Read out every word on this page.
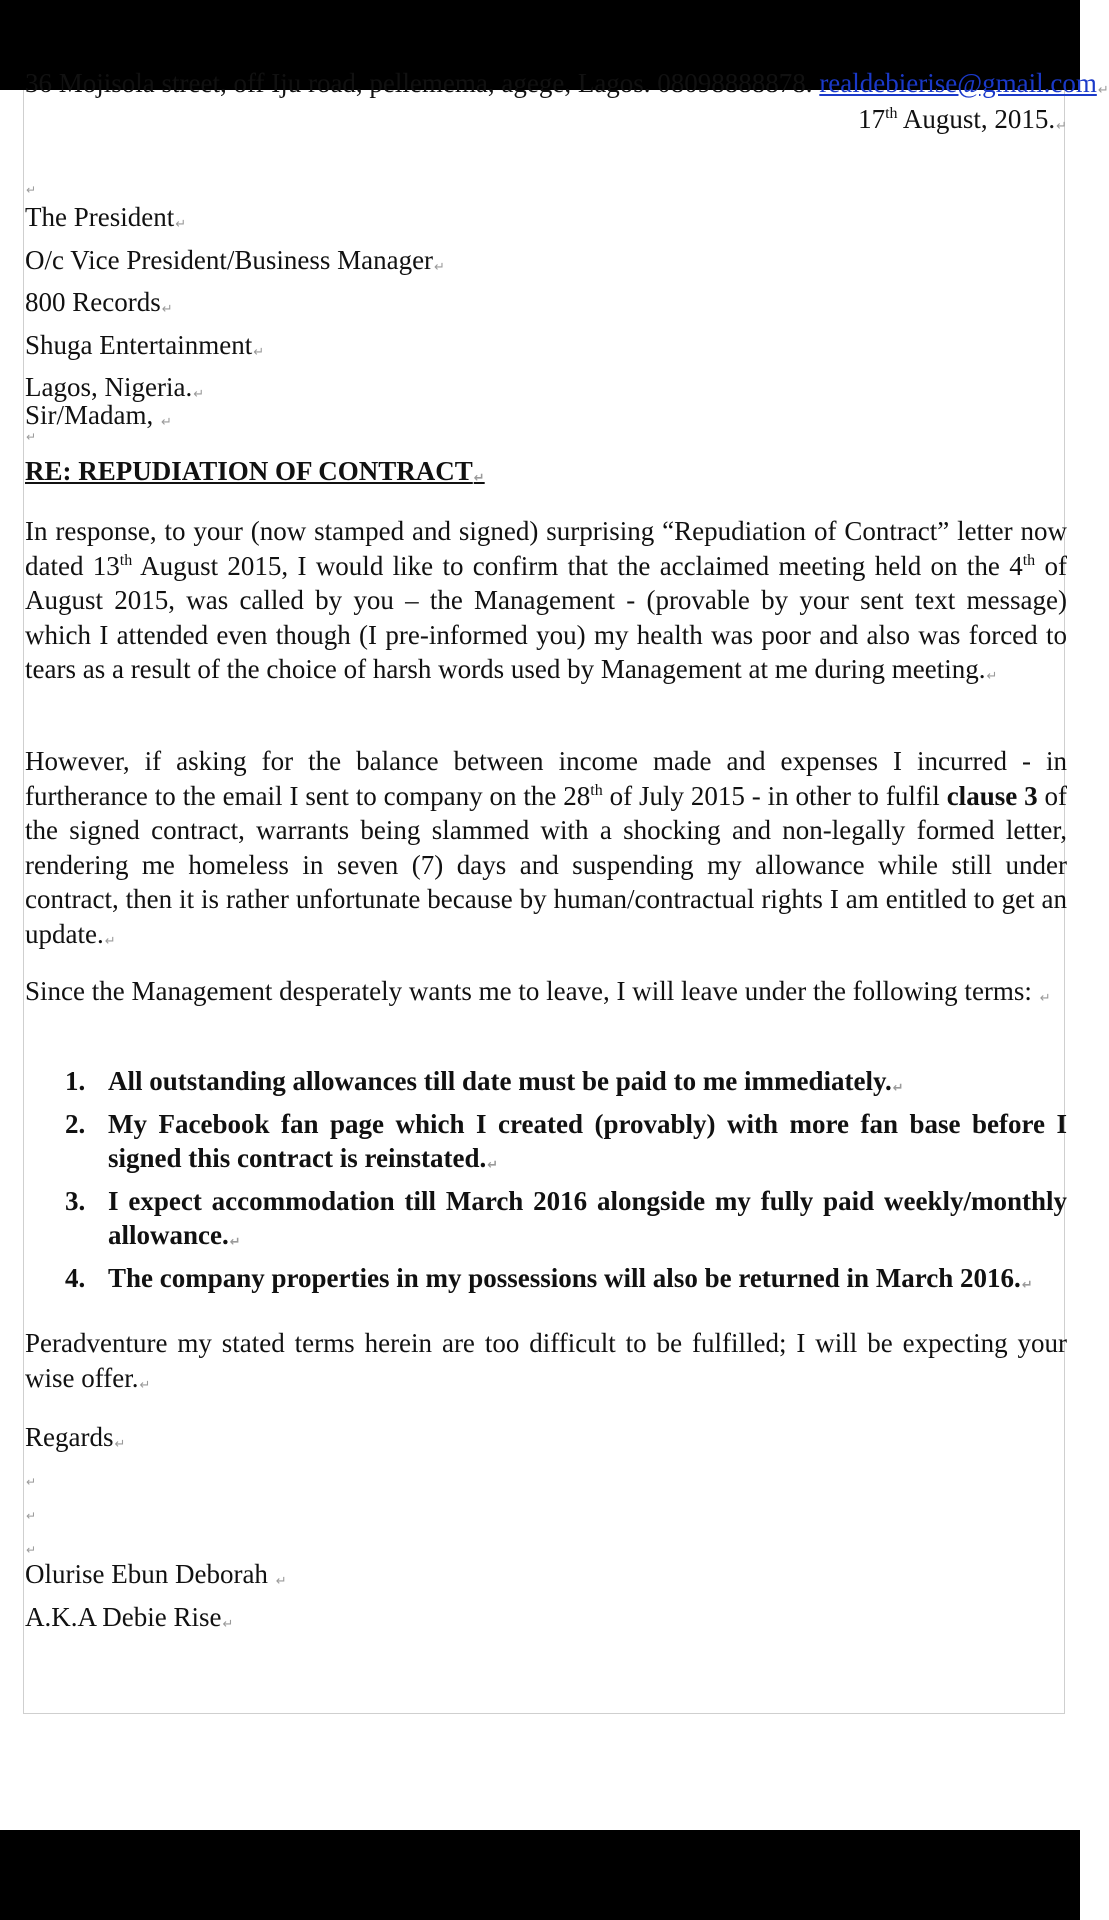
36 Mojisola street, off Iju road, pellemema, agege, Lagos. 08098888878. realdebierise@gmail.com↵
17th August, 2015.↵
↵
The President↵
O/c Vice President/Business Manager↵
800 Records↵
Shuga Entertainment↵
Lagos, Nigeria.↵
↵
Sir/Madam, ↵
RE: REPUDIATION OF CONTRACT↵

In response, to your (now stamped and signed) surprising “Repudiation of Contract” letter now dated 13th August 2015, I would like to confirm that the acclaimed meeting held on the 4th of August 2015, was called by you – the Management - (provable by your sent text message) which I attended even though (I pre-informed you) my health was poor and also was forced to tears as a result of the choice of harsh words used by Management at me during meeting.↵

However, if asking for the balance between income made and expenses I incurred - in furtherance to the email I sent to company on the 28th of July 2015 - in other to fulfil clause 3 of the signed contract, warrants being slammed with a shocking and non-legally formed letter, rendering me homeless in seven (7) days and suspending my allowance while still under contract, then it is rather unfortunate because by human/contractual rights I am entitled to get an update.↵

Since the Management desperately wants me to leave, I will leave under the following terms: ↵

1. All outstanding allowances till date must be paid to me immediately.↵
2. My Facebook fan page which I created (provably) with more fan base before I signed this contract is reinstated.↵
3. I expect accommodation till March 2016 alongside my fully paid weekly/monthly allowance.↵
4. The company properties in my possessions will also be returned in March 2016.↵

Peradventure my stated terms herein are too difficult to be fulfilled; I will be expecting your wise offer.↵

Regards↵
↵
↵
↵
Olurise Ebun Deborah ↵
A.K.A Debie Rise↵
